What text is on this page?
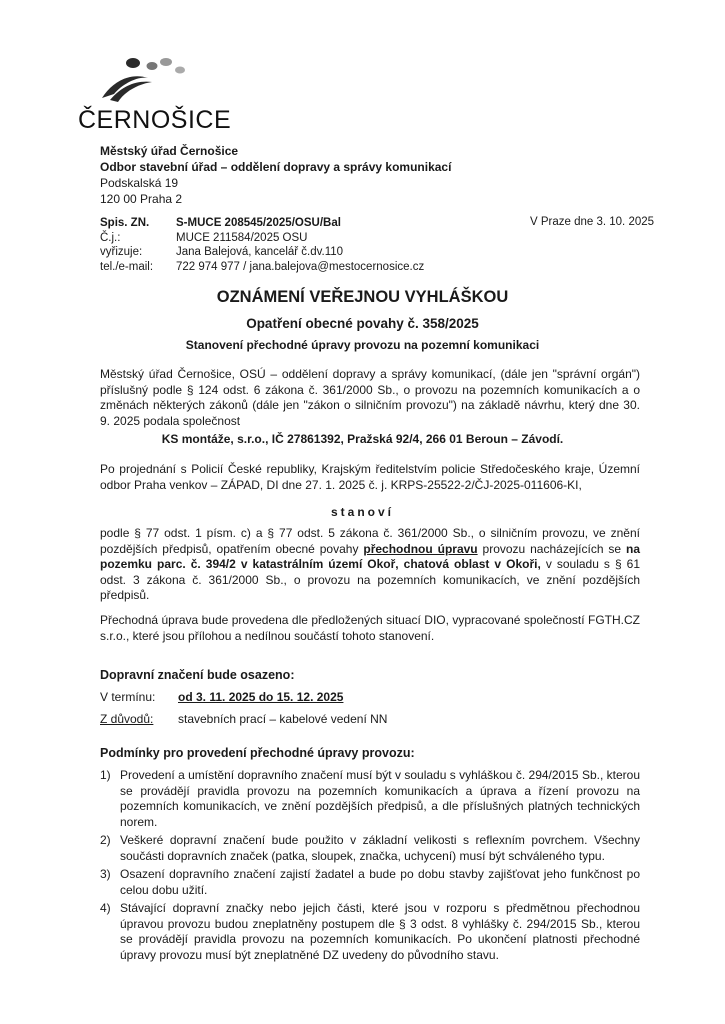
ČERNOŠICE
Městský úřad Černošice
Odbor stavební úřad – oddělení dopravy a správy komunikací
Podskalská 19
120 00 Praha 2
Spis. ZN.	S-MUCE 208545/2025/OSU/Bal
Č.j.:	MUCE 211584/2025 OSU
vyřizuje:	Jana Balejová, kancelář č.dv.110
tel./e-mail:	722 974 977 / jana.balejova@mestocernosice.cz
V Praze dne 3. 10. 2025
OZNÁMENÍ VEŘEJNOU VYHLÁŠKOU
Opatření obecné povahy č. 358/2025
Stanovení přechodné úpravy provozu na pozemní komunikaci
Městský úřad Černošice, OSÚ – oddělení dopravy a správy komunikací, (dále jen "správní orgán") příslušný podle § 124 odst. 6 zákona č. 361/2000 Sb., o provozu na pozemních komunikacích a o změnách některých zákonů (dále jen "zákon o silničním provozu") na základě návrhu, který dne 30. 9. 2025 podala společnost
KS montáže, s.r.o., IČ 27861392, Pražská 92/4, 266 01 Beroun – Závodí.
Po projednání s Policií České republiky, Krajským ředitelstvím policie Středočeského kraje, Územní odbor Praha venkov – ZÁPAD, DI dne 27. 1. 2025 č. j. KRPS-25522-2/ČJ-2025-011606-KI,
stanoví
podle § 77 odst. 1 písm. c) a § 77 odst. 5 zákona č. 361/2000 Sb., o silničním provozu, ve znění pozdějších předpisů, opatřením obecné povahy přechodnou úpravu provozu nacházejících se na pozemku parc. č. 394/2 v katastrálním území Okoř, chatová oblast v Okoři, v souladu s § 61 odst. 3 zákona č. 361/2000 Sb., o provozu na pozemních komunikacích, ve znění pozdějších předpisů.
Přechodná úprava bude provedena dle předložených situací DIO, vypracované společností FGTH.CZ s.r.o., které jsou přílohou a nedílnou součástí tohoto stanovení.
Dopravní značení bude osazeno:
V termínu:	od 3. 11. 2025 do 15. 12. 2025
Z důvodů:	stavebních prací – kabelové vedení NN
Podmínky pro provedení přechodné úpravy provozu:
1) Provedení a umístění dopravního značení musí být v souladu s vyhláškou č. 294/2015 Sb., kterou se provádějí pravidla provozu na pozemních komunikacích a úprava a řízení provozu na pozemních komunikacích, ve znění pozdějších předpisů, a dle příslušných platných technických norem.
2) Veškeré dopravní značení bude použito v základní velikosti s reflexním povrchem. Všechny součásti dopravních značek (patka, sloupek, značka, uchycení) musí být schváleného typu.
3) Osazení dopravního značení zajistí žadatel a bude po dobu stavby zajišťovat jeho funkčnost po celou dobu užití.
4) Stávající dopravní značky nebo jejich části, které jsou v rozporu s předmětnou přechodnou úpravou provozu budou zneplatněny postupem dle § 3 odst. 8 vyhlášky č. 294/2015 Sb., kterou se provádějí pravidla provozu na pozemních komunikacích. Po ukončení platnosti přechodné úpravy provozu musí být zneplatněné DZ uvedeny do původního stavu.
